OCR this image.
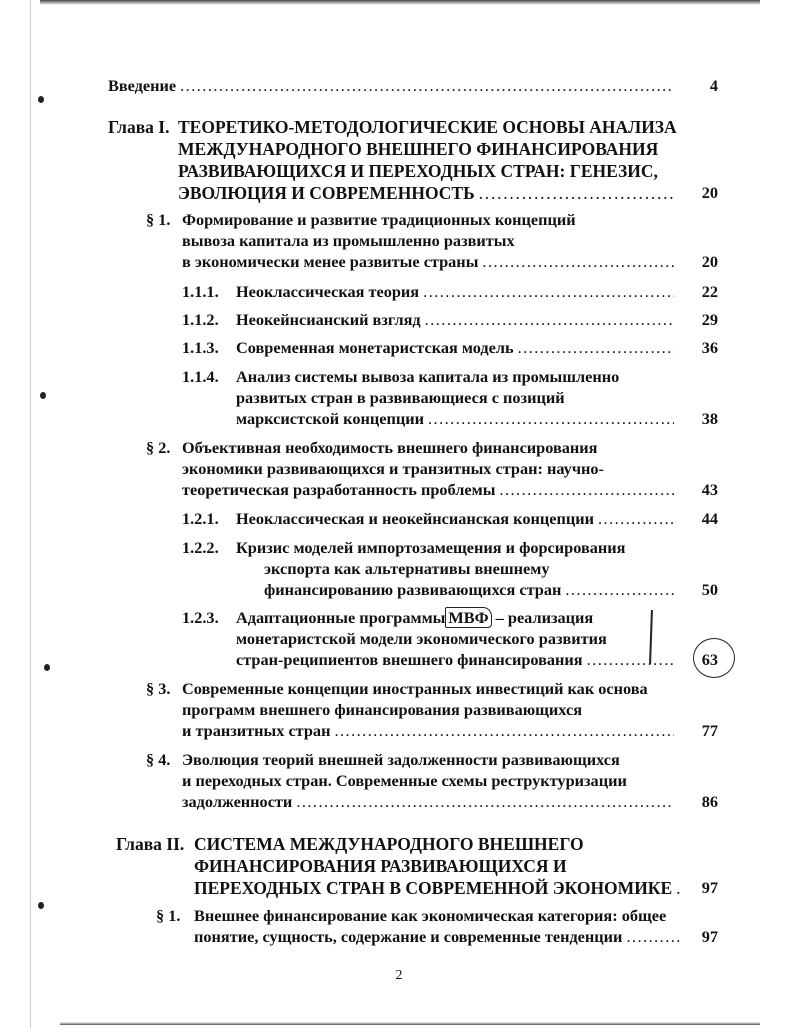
Введение . . .	4
Глава I. ТЕОРЕТИКО-МЕТОДОЛОГИЧЕСКИЕ ОСНОВЫ АНАЛИЗА
МЕЖДУНАРОДНОГО ВНЕШНЕГО ФИНАНСИРОВАНИЯ
РАЗВИВАЮЩИХСЯ И ПЕРЕХОДНЫХ СТРАН: ГЕНЕЗИС,
ЭВОЛЮЦИЯ И СОВРЕМЕННОСТЬ . . .	20
§ 1. Формирование и развитие традиционных концепций
вывоза капитала из промышленно развитых
в экономически менее развитые страны . . .	20
1.1.1. Неоклассическая теория . . .	22
1.1.2. Неокейнсианский взгляд . . .	29
1.1.3. Современная монетаристская модель . . .	36
1.1.4. Анализ системы вывоза капитала из промышленно
развитых стран в развивающиеся с позиций
марксистской концепции . . .	38
§ 2. Объективная необходимость внешнего финансирования
экономики развивающихся и транзитных стран: научно-
теоретическая разработанность проблемы . . .	43
1.2.1. Неоклассическая и неокейнсианская концепции . . .	44
1.2.2. Кризис моделей импортозамещения и форсирования
экспорта как альтернативы внешнему
финансированию развивающихся стран . . .	50
1.2.3. Адаптационные программы МВФ – реализация
монетаристской модели экономического развития
стран-реципиентов внешнего финансирования . . .	63
§ 3. Современные концепции иностранных инвестиций как основа
программ внешнего финансирования развивающихся
и транзитных стран . . .	77
§ 4. Эволюция теорий внешней задолженности развивающихся
и переходных стран. Современные схемы реструктуризации
задолженности . . .	86
Глава II. СИСТЕМА МЕЖДУНАРОДНОГО ВНЕШНЕГО
ФИНАНСИРОВАНИЯ РАЗВИВАЮЩИХСЯ И
ПЕРЕХОДНЫХ СТРАН В СОВРЕМЕННОЙ ЭКОНОМИКЕ . . .	97
§ 1. Внешнее финансирование как экономическая категория: общее
понятие, сущность, содержание и современные тенденции . . .	97
2
